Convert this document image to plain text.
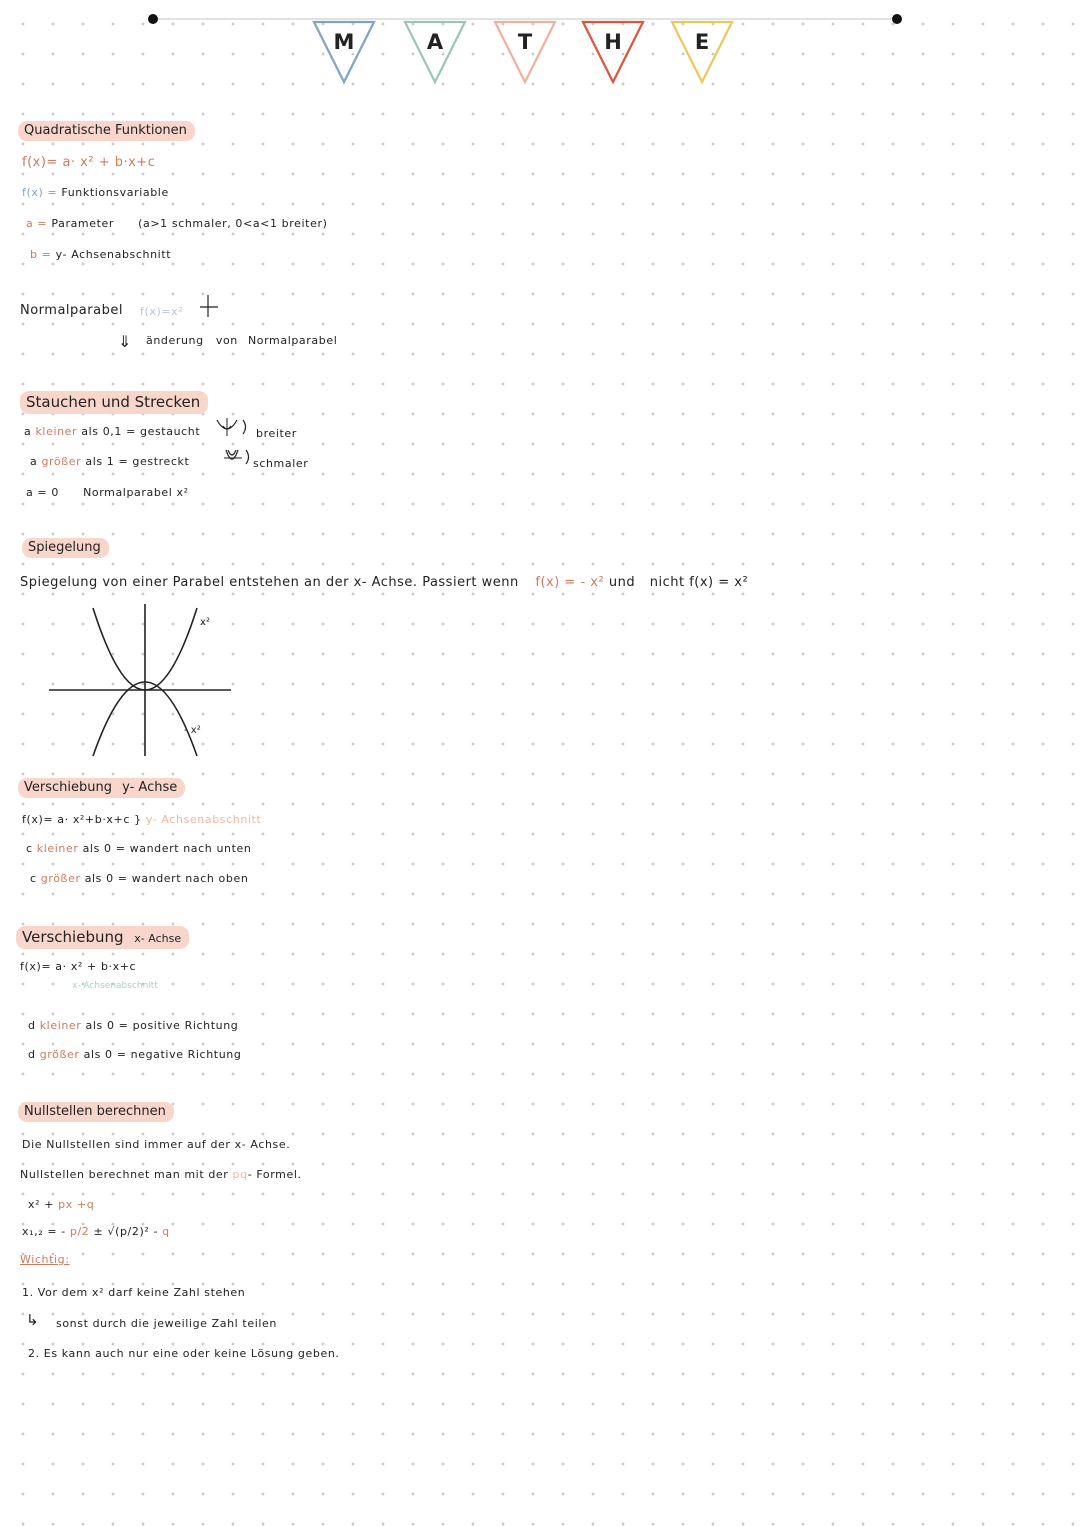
M	A	T	H	E
Quadratische Funktionen
f(x)= a· x² + b·x+c
f(x) = Funktionsvariable
a = Parameter (a>1 schmaler, 0<a<1 breiter)
b = y- Achsenabschnitt
Normalparabel f(x)=x²
⇓ änderung von Normalparabel
Stauchen und Strecken
a kleiner als 0,1 = gestaucht	breiter
a größer als 1 = gestreckt	schmaler
a = 0 Normalparabel x²
Spiegelung
Spiegelung von einer Parabel entstehen an der x- Achse. Passiert wenn f(x) = - x² und nicht f(x) = x²
x²
- x²
Verschiebung y- Achse
f(x)= a· x²+b·x+c } y- Achsenabschnitt
c kleiner als 0 = wandert nach unten
c größer als 0 = wandert nach oben
Verschiebung x- Achse
f(x)= a· x² + b·x+c
x- Achsenabschnitt
d kleiner als 0 = positive Richtung
d größer als 0 = negative Richtung
Nullstellen berechnen
Die Nullstellen sind immer auf der x- Achse.
Nullstellen berechnet man mit der pq- Formel.
x² + px +q
x₁,₂ = - p/2 ± √(p/2)² - q
Wichtig:
1. Vor dem x² darf keine Zahl stehen
↳ sonst durch die jeweilige Zahl teilen
2. Es kann auch nur eine oder keine Lösung geben.
